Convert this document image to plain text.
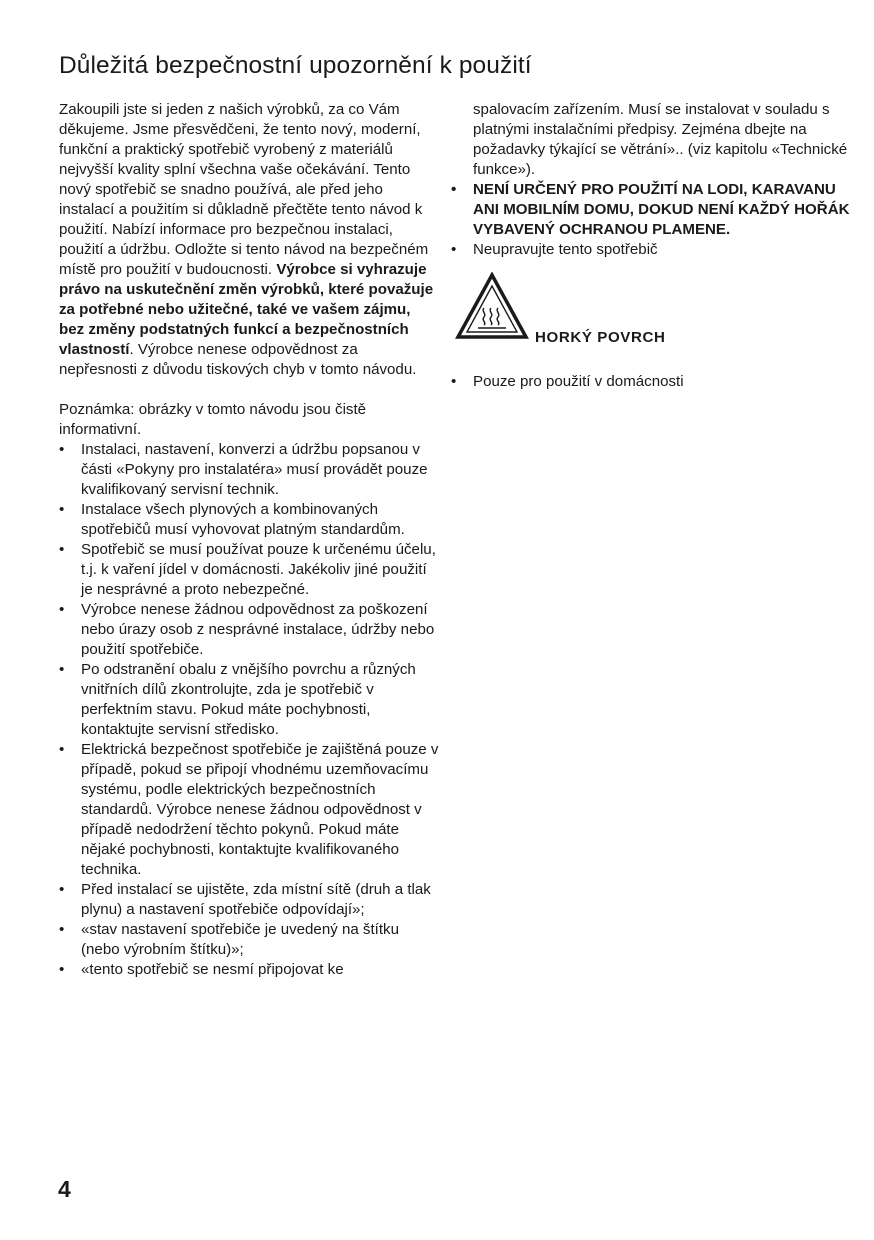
Důležitá bezpečnostní upozornění k použití

Zakoupili jste si jeden z našich výrobků, za co Vám děkujeme. Jsme přesvědčeni, že tento nový, moderní, funkční a praktický spotřebič vyrobený z materiálů nejvyšší kvality splní všechna vaše očekávání. Tento nový spotřebič se snadno používá, ale před jeho instalací a použitím si důkladně přečtěte tento návod k použití. Nabízí informace pro bezpečnou instalaci, použití a údržbu. Odložte si tento návod na bezpečném místě pro použití v budoucnosti. Výrobce si vyhrazuje právo na uskutečnění změn výrobků, které považuje za potřebné nebo užitečné, také ve vašem zájmu, bez změny podstatných funkcí a bezpečnostních vlastností. Výrobce nenese odpovědnost za nepřesnosti z důvodu tiskových chyb v tomto návodu.

Poznámka: obrázky v tomto návodu jsou čistě informativní.

• Instalaci, nastavení, konverzi a údržbu popsanou v části «Pokyny pro instalatéra» musí provádět pouze kvalifikovaný servisní technik.
• Instalace všech plynových a kombinovaných spotřebičů musí vyhovovat platným standardům.
• Spotřebič se musí používat pouze k určenému účelu, t.j. k vaření jídel v domácnosti. Jakékoliv jiné použití je nesprávné a proto nebezpečné.
• Výrobce nenese žádnou odpovědnost za poškození nebo úrazy osob z nesprávné instalace, údržby nebo použití spotřebiče.
• Po odstranění obalu z vnějšího povrchu a různých vnitřních dílů zkontrolujte, zda je spotřebič v perfektním stavu. Pokud máte pochybnosti, kontaktujte servisní středisko.
• Elektrická bezpečnost spotřebiče je zajištěná pouze v případě, pokud se připojí vhodnému uzemňovacímu systému, podle elektrických bezpečnostních standardů. Výrobce nenese žádnou odpovědnost v případě nedodržení těchto pokynů. Pokud máte nějaké pochybnosti, kontaktujte kvalifikovaného technika.
• Před instalací se ujistěte, zda místní sítě (druh a tlak plynu) a nastavení spotřebiče odpovídají»;
• «stav nastavení spotřebiče je uvedený na štítku (nebo výrobním štítku)»;
• «tento spotřebič se nesmí připojovat ke

spalovacím zařízením. Musí se instalovat v souladu s platnými instalačními předpisy. Zejména dbejte na požadavky týkající se větrání».. (viz kapitolu «Technické funkce»).

• NENÍ URČENÝ PRO POUŽITÍ NA LODI, KARAVANU ANI MOBILNÍM DOMU, DOKUD NENÍ KAŽDÝ HOŘÁK VYBAVENÝ OCHRANOU PLAMENE.
• Neupravujte tento spotřebič
HORKÝ POVRCH
• Pouze pro použití v domácnosti
4
